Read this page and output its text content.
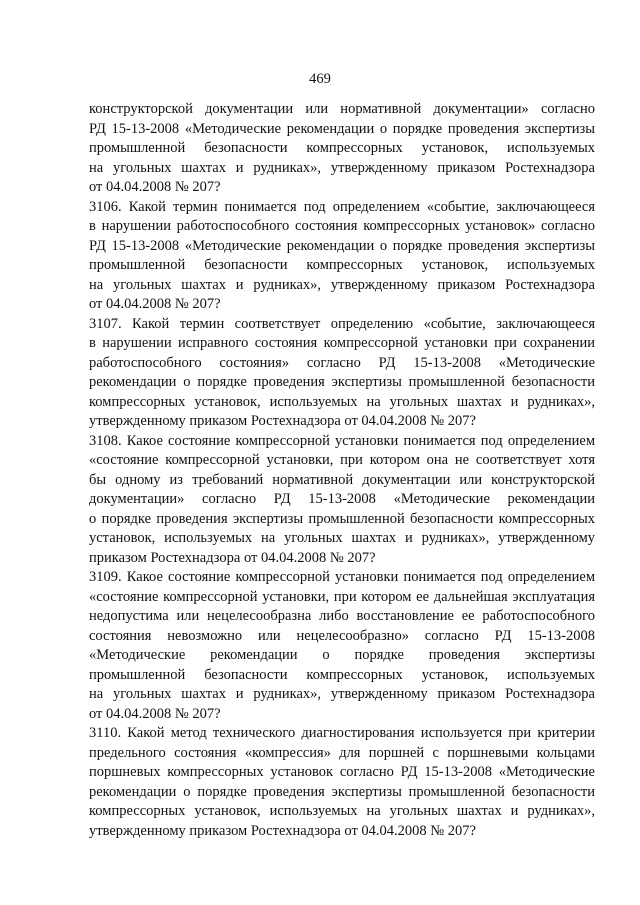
469
конструкторской документации или нормативной документации» согласно
РД 15-13-2008 «Методические рекомендации о порядке проведения экспертизы
промышленной безопасности компрессорных установок, используемых
на угольных шахтах и рудниках», утвержденному приказом Ростехнадзора
от 04.04.2008 № 207?
3106. Какой термин понимается под определением «событие, заключающееся
в нарушении работоспособного состояния компрессорных установок» согласно
РД 15-13-2008 «Методические рекомендации о порядке проведения экспертизы
промышленной безопасности компрессорных установок, используемых
на угольных шахтах и рудниках», утвержденному приказом Ростехнадзора
от 04.04.2008 № 207?
3107. Какой термин соответствует определению «событие, заключающееся
в нарушении исправного состояния компрессорной установки при сохранении
работоспособного состояния» согласно РД 15-13-2008 «Методические
рекомендации о порядке проведения экспертизы промышленной безопасности
компрессорных установок, используемых на угольных шахтах и рудниках»,
утвержденному приказом Ростехнадзора от 04.04.2008 № 207?
3108. Какое состояние компрессорной установки понимается под определением
«состояние компрессорной установки, при котором она не соответствует хотя
бы одному из требований нормативной документации или конструкторской
документации» согласно РД 15-13-2008 «Методические рекомендации
о порядке проведения экспертизы промышленной безопасности компрессорных
установок, используемых на угольных шахтах и рудниках», утвержденному
приказом Ростехнадзора от 04.04.2008 № 207?
3109. Какое состояние компрессорной установки понимается под определением
«состояние компрессорной установки, при котором ее дальнейшая эксплуатация
недопустима или нецелесообразна либо восстановление ее работоспособного
состояния невозможно или нецелесообразно» согласно РД 15-13-2008
«Методические рекомендации о порядке проведения экспертизы
промышленной безопасности компрессорных установок, используемых
на угольных шахтах и рудниках», утвержденному приказом Ростехнадзора
от 04.04.2008 № 207?
3110. Какой метод технического диагностирования используется при критерии
предельного состояния «компрессия» для поршней с поршневыми кольцами
поршневых компрессорных установок согласно РД 15-13-2008 «Методические
рекомендации о порядке проведения экспертизы промышленной безопасности
компрессорных установок, используемых на угольных шахтах и рудниках»,
утвержденному приказом Ростехнадзора от 04.04.2008 № 207?
